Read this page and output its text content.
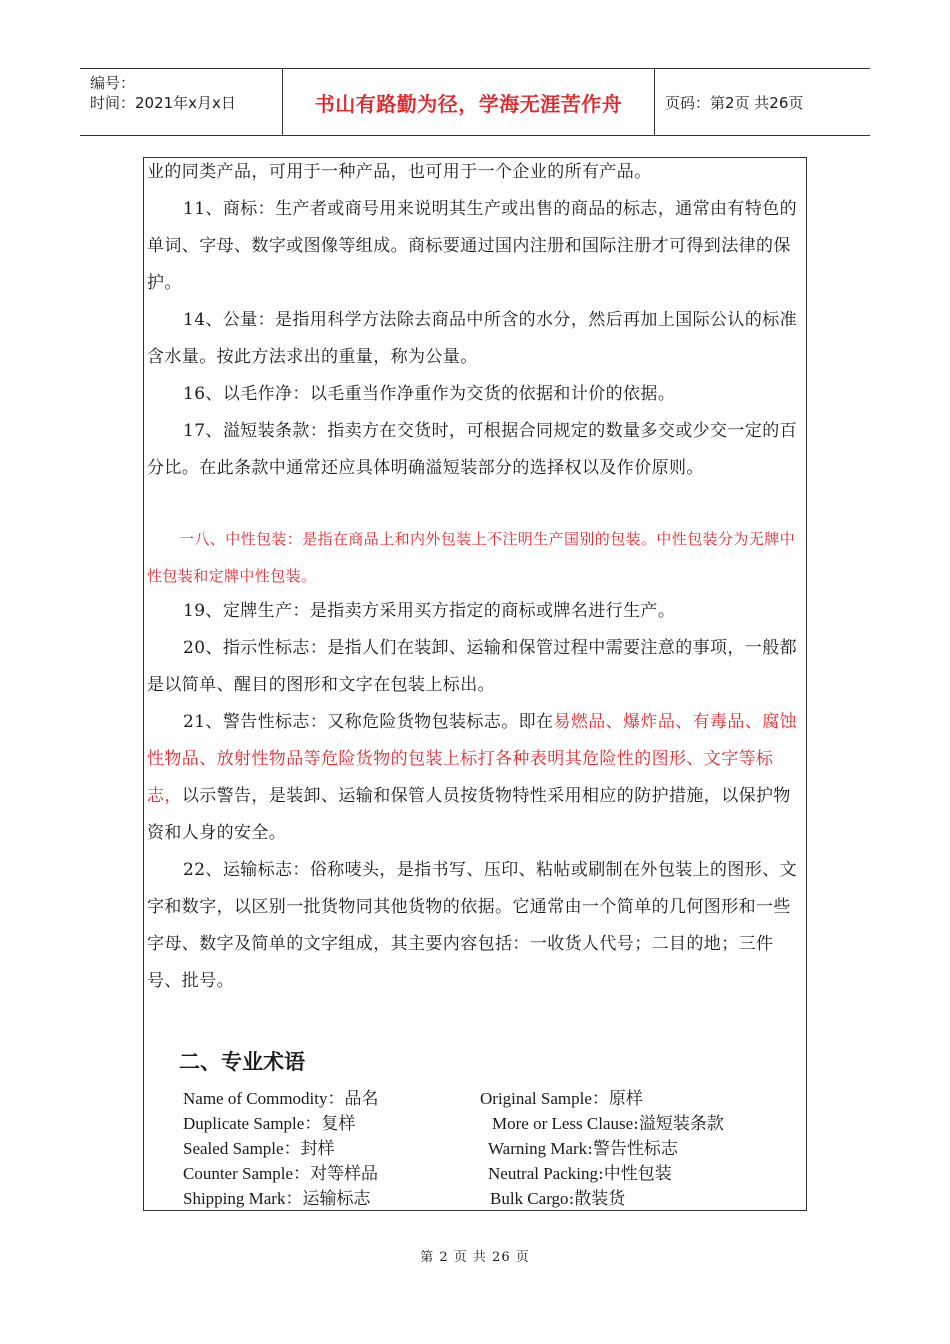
编号：
时间：2021年x月x日	书山有路勤为径，学海无涯苦作舟	页码：第2页 共26页

业的同类产品，可用于一种产品，也可用于一个企业的所有产品。

11、商标：生产者或商号用来说明其生产或出售的商品的标志，通常由有特色的单词、字母、数字或图像等组成。商标要通过国内注册和国际注册才可得到法律的保护。

14、公量：是指用科学方法除去商品中所含的水分，然后再加上国际公认的标准含水量。按此方法求出的重量，称为公量。

16、以毛作净：以毛重当作净重作为交货的依据和计价的依据。

17、溢短装条款：指卖方在交货时，可根据合同规定的数量多交或少交一定的百分比。在此条款中通常还应具体明确溢短装部分的选择权以及作价原则。

一八、中性包装：是指在商品上和内外包装上不注明生产国别的包装。中性包装分为无牌中性包装和定牌中性包装。

19、定牌生产：是指卖方采用买方指定的商标或牌名进行生产。

20、指示性标志：是指人们在装卸、运输和保管过程中需要注意的事项，一般都是以简单、醒目的图形和文字在包装上标出。

21、警告性标志：又称危险货物包装标志。即在易燃品、爆炸品、有毒品、腐蚀性物品、放射性物品等危险货物的包装上标打各种表明其危险性的图形、文字等标志，以示警告，是装卸、运输和保管人员按货物特性采用相应的防护措施，以保护物资和人身的安全。

22、运输标志：俗称唛头，是指书写、压印、粘帖或刷制在外包装上的图形、文字和数字，以区别一批货物同其他货物的依据。它通常由一个简单的几何图形和一些字母、数字及简单的文字组成，其主要内容包括：一收货人代号；二目的地；三件号、批号。

二、专业术语

Name of Commodity：品名

Duplicate Sample：复样

Sealed Sample：封样

Counter Sample：对等样品

Shipping Mark：运输标志

Original Sample：原样

More or Less Clause:溢短装条款

Warning Mark:警告性标志

Neutral Packing:中性包装

Bulk Cargo:散装货

第 2 页 共 26 页
